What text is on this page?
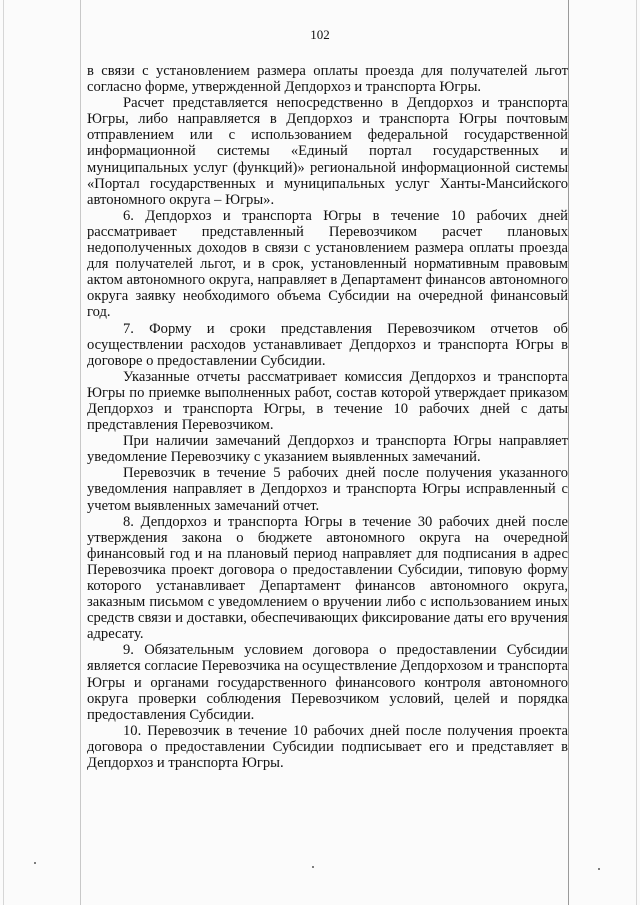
102

в связи с установлением размера оплаты проезда для получателей льгот согласно форме, утвержденной Депдорхоз и транспорта Югры.

Расчет представляется непосредственно в Депдорхоз и транспорта Югры, либо направляется в Депдорхоз и транспорта Югры почтовым отправлением или с использованием федеральной государственной информационной системы «Единый портал государственных и муниципальных услуг (функций)» региональной информационной системы «Портал государственных и муниципальных услуг Ханты-Мансийского автономного округа – Югры».

6. Депдорхоз и транспорта Югры в течение 10 рабочих дней рассматривает представленный Перевозчиком расчет плановых недополученных доходов в связи с установлением размера оплаты проезда для получателей льгот, и в срок, установленный нормативным правовым актом автономного округа, направляет в Департамент финансов автономного округа заявку необходимого объема Субсидии на очередной финансовый год.

7. Форму и сроки представления Перевозчиком отчетов об осуществлении расходов устанавливает Депдорхоз и транспорта Югры в договоре о предоставлении Субсидии.

Указанные отчеты рассматривает комиссия Депдорхоз и транспорта Югры по приемке выполненных работ, состав которой утверждает приказом Депдорхоз и транспорта Югры, в течение 10 рабочих дней с даты представления Перевозчиком.

При наличии замечаний Депдорхоз и транспорта Югры направляет уведомление Перевозчику с указанием выявленных замечаний.

Перевозчик в течение 5 рабочих дней после получения указанного уведомления направляет в Депдорхоз и транспорта Югры исправленный с учетом выявленных замечаний отчет.

8. Депдорхоз и транспорта Югры в течение 30 рабочих дней после утверждения закона о бюджете автономного округа на очередной финансовый год и на плановый период направляет для подписания в адрес Перевозчика проект договора о предоставлении Субсидии, типовую форму которого устанавливает Департамент финансов автономного округа, заказным письмом с уведомлением о вручении либо с использованием иных средств связи и доставки, обеспечивающих фиксирование даты его вручения адресату.

9. Обязательным условием договора о предоставлении Субсидии является согласие Перевозчика на осуществление Депдорхозом и транспорта Югры и органами государственного финансового контроля автономного округа проверки соблюдения Перевозчиком условий, целей и порядка предоставления Субсидии.

10. Перевозчик в течение 10 рабочих дней после получения проекта договора о предоставлении Субсидии подписывает его и представляет в Депдорхоз и транспорта Югры.
